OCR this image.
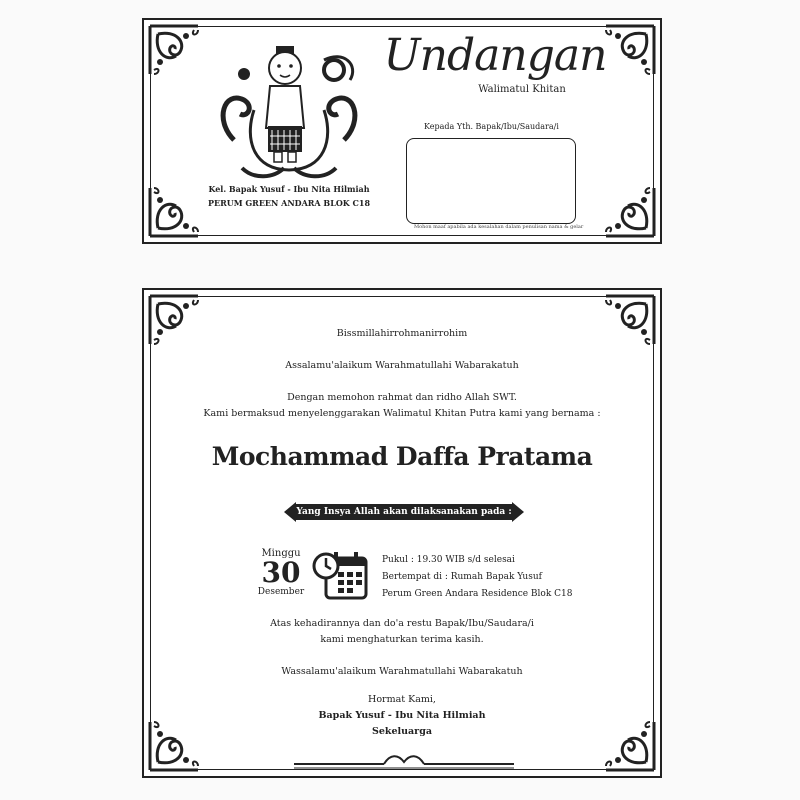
Kel. Bapak Yusuf - Ibu Nita Hilmiah
PERUM GREEN ANDARA BLOK C18
Undangan
Walimatul Khitan
Kepada Yth. Bapak/Ibu/Saudara/i
Mohon maaf apabila ada kesalahan dalam penulisan nama & gelar
Bissmillahirrohmanirrohim
Assalamu'alaikum Warahmatullahi Wabarakatuh
Dengan memohon rahmat dan ridho Allah SWT.
Kami bermaksud menyelenggarakan Walimatul Khitan Putra kami yang bernama :
Mochammad Daffa Pratama
Yang Insya Allah akan dilaksanakan pada :
Minggu
30
Desember
Pukul : 19.30 WIB s/d selesai
Bertempat di : Rumah Bapak Yusuf
Perum Green Andara Residence Blok C18
Atas kehadirannya dan do'a restu Bapak/Ibu/Saudara/i
kami menghaturkan terima kasih.
Wassalamu'alaikum Warahmatullahi Wabarakatuh
Hormat Kami,
Bapak Yusuf - Ibu Nita Hilmiah
Sekeluarga
